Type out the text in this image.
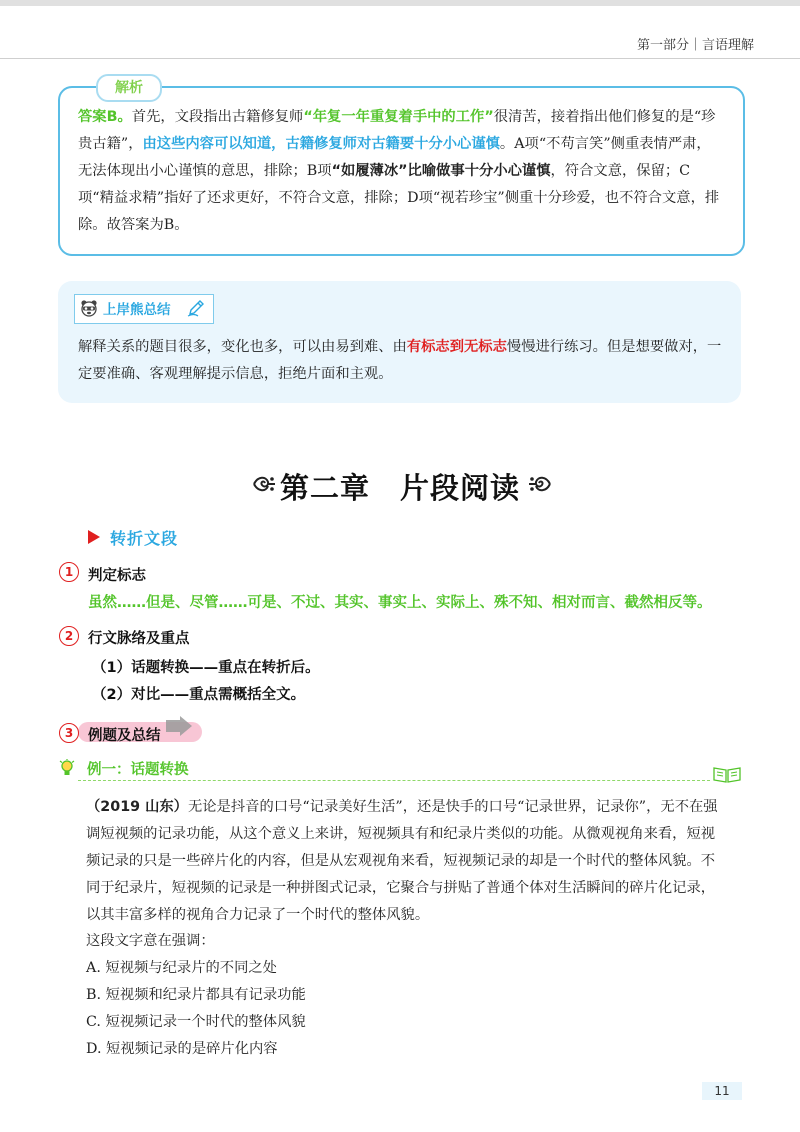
第一部分｜言语理解
解析
答案B。首先，文段指出古籍修复师“年复一年重复着手中的工作”很清苦，接着指出他们修复的是“珍贵古籍”，由这些内容可以知道，古籍修复师对古籍要十分小心谨慎。A项“不苟言笑”侧重表情严肃，无法体现出小心谨慎的意思，排除；B项“如履薄冰”比喻做事十分小心谨慎，符合文意，保留；C项“精益求精”指好了还求更好，不符合文意，排除；D项“视若珍宝”侧重十分珍爱，也不符合文意，排除。故答案为B。
上岸熊总结
解释关系的题目很多，变化也多，可以由易到难、由有标志到无标志慢慢进行练习。但是想要做对，一定要准确、客观理解提示信息，拒绝片面和主观。
第二章　片段阅读
转折文段
1	判定标志
虽然……但是、尽管……可是、不过、其实、事实上、实际上、殊不知、相对而言、截然相反等。
2	行文脉络及重点
（1）话题转换——重点在转折后。
（2）对比——重点需概括全文。
3	例题及总结
例一：话题转换
（2019 山东）无论是抖音的口号“记录美好生活”，还是快手的口号“记录世界，记录你”，无不在强调短视频的记录功能，从这个意义上来讲，短视频具有和纪录片类似的功能。从微观视角来看，短视频记录的只是一些碎片化的内容，但是从宏观视角来看，短视频记录的却是一个时代的整体风貌。不同于纪录片，短视频的记录是一种拼图式记录，它聚合与拼贴了普通个体对生活瞬间的碎片化记录，以其丰富多样的视角合力记录了一个时代的整体风貌。
这段文字意在强调：
A. 短视频与纪录片的不同之处
B. 短视频和纪录片都具有记录功能
C. 短视频记录一个时代的整体风貌
D. 短视频记录的是碎片化内容
11
